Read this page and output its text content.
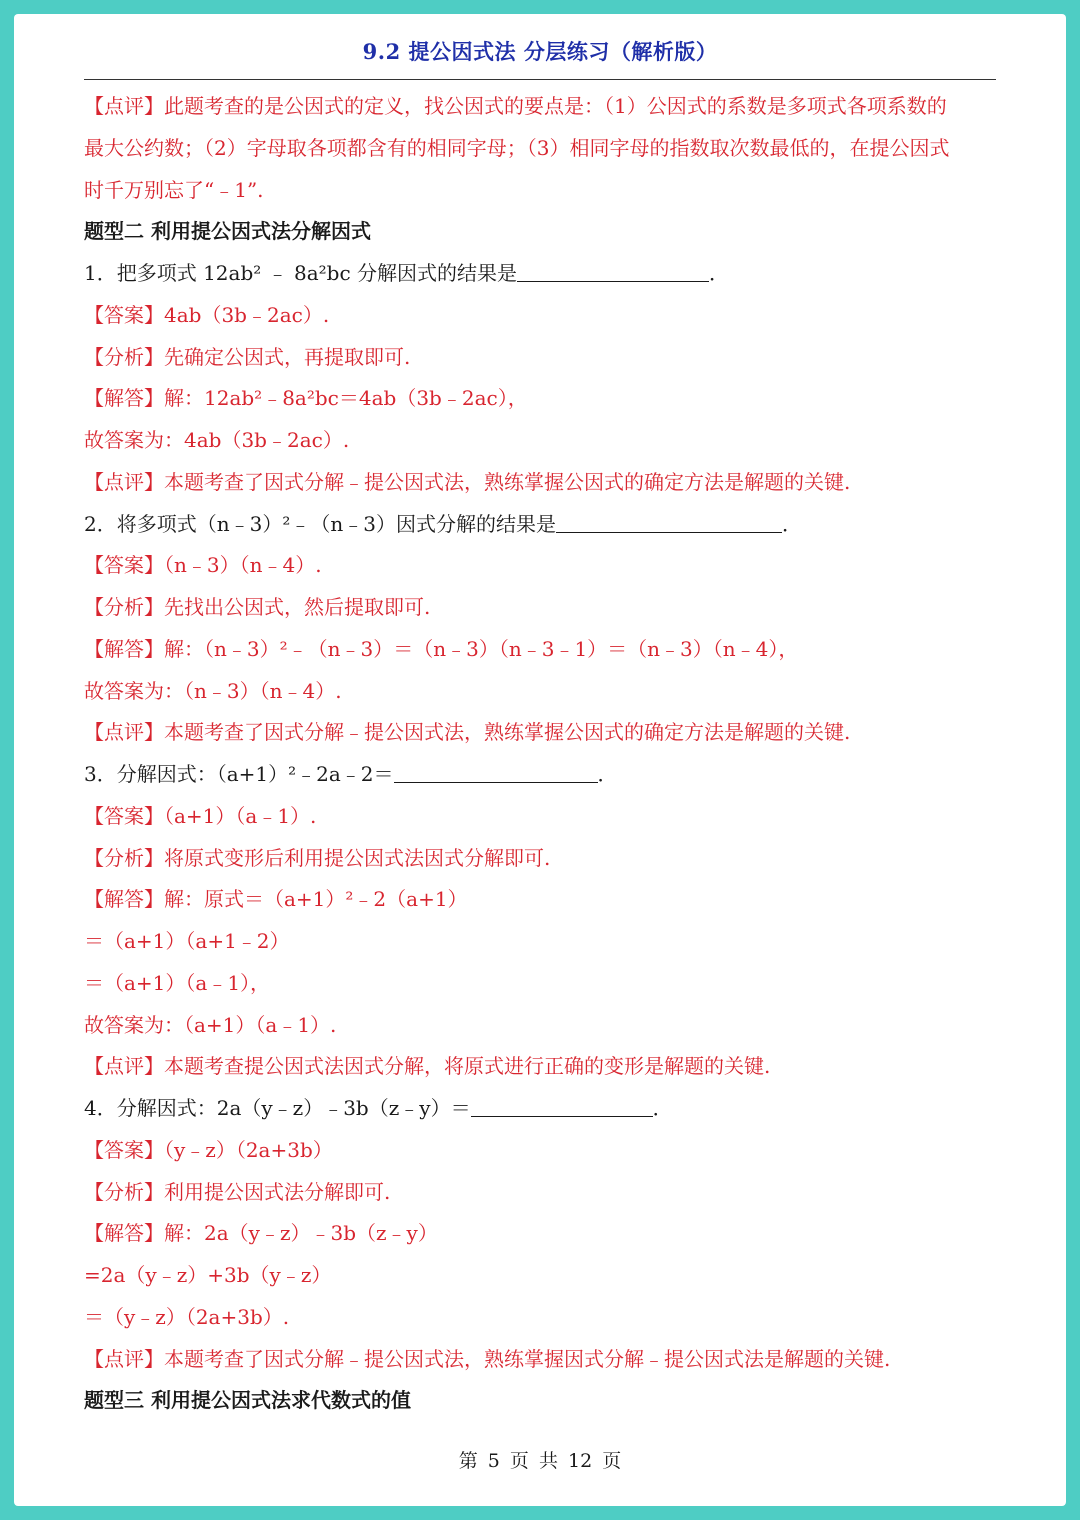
9.2 提公因式法 分层练习（解析版）
【点评】此题考查的是公因式的定义，找公因式的要点是：（1）公因式的系数是多项式各项系数的
最大公约数；（2）字母取各项都含有的相同字母；（3）相同字母的指数取次数最低的，在提公因式
时千万别忘了“﹣1”.
题型二 利用提公因式法分解因式
1．把多项式 12ab² ﹣ 8a²bc 分解因式的结果是	．
【答案】4ab（3b﹣2ac）.
【分析】先确定公因式，再提取即可.
【解答】解：12ab²﹣8a²bc＝4ab（3b﹣2ac），
故答案为：4ab（3b﹣2ac）.
【点评】本题考查了因式分解﹣提公因式法，熟练掌握公因式的确定方法是解题的关键.
2．将多项式（n﹣3）²﹣（n﹣3）因式分解的结果是	．
【答案】（n﹣3）（n﹣4）.
【分析】先找出公因式，然后提取即可.
【解答】解：（n﹣3）²﹣（n﹣3）＝（n﹣3）（n﹣3﹣1）＝（n﹣3）（n﹣4），
故答案为：（n﹣3）（n﹣4）.
【点评】本题考查了因式分解﹣提公因式法，熟练掌握公因式的确定方法是解题的关键.
3．分解因式：（a+1）²﹣2a﹣2＝	．
【答案】（a+1）（a﹣1）.
【分析】将原式变形后利用提公因式法因式分解即可.
【解答】解：原式＝（a+1）²﹣2（a+1）
＝（a+1）（a+1﹣2）
＝（a+1）（a﹣1），
故答案为：（a+1）（a﹣1）.
【点评】本题考查提公因式法因式分解，将原式进行正确的变形是解题的关键.
4．分解因式：2a（y﹣z）﹣3b（z﹣y）＝	．
【答案】（y﹣z）（2a+3b）
【分析】利用提公因式法分解即可.
【解答】解：2a（y﹣z）﹣3b（z﹣y）
=2a（y﹣z）+3b（y﹣z）
＝（y﹣z）（2a+3b）.
【点评】本题考查了因式分解﹣提公因式法，熟练掌握因式分解﹣提公因式法是解题的关键.
题型三 利用提公因式法求代数式的值
第 5 页 共 12 页
